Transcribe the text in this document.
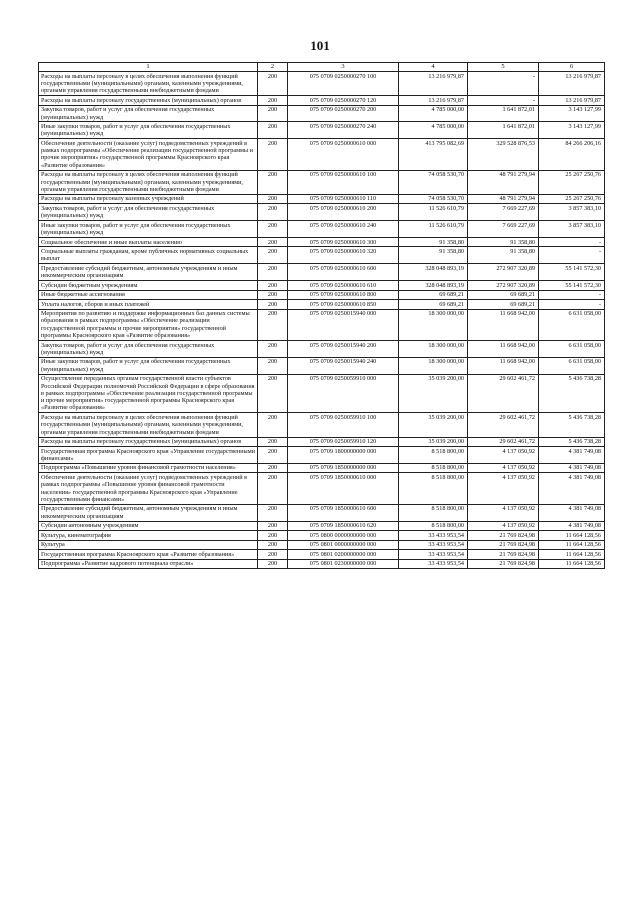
101
1	2	3	4	5	6
Расходы на выплаты персоналу в целях обеспечения выполнения функций государственными (муниципальными) органами, казенными учреждениями, органами управления государственными внебюджетными фондами	200	075 0709 0250000270 100	13 216 979,87	-	13 216 979,87
Расходы на выплаты персоналу государственных (муниципальных) органов	200	075 0709 0250000270 120	13 216 979,87	-	13 216 979,87
Закупка товаров, работ и услуг для обеспечения государственных (муниципальных) нужд	200	075 0709 0250000270 200	4 785 000,00	1 641 872,01	3 143 127,99
Иные закупки товаров, работ и услуг для обеспечения государственных (муниципальных) нужд	200	075 0709 0250000270 240	4 785 000,00	1 641 872,01	3 143 127,99
Обеспечение деятельности (оказание услуг) подведомственных учреждений в рамках подпрограммы «Обеспечение реализации государственной программы и прочие мероприятия» государственной программы Красноярского края «Развитие образования»	200	075 0709 0250000610 000	413 795 082,69	329 528 876,53	84 266 206,16
Расходы на выплаты персоналу в целях обеспечения выполнения функций государственными (муниципальными) органами, казенными учреждениями, органами управления государственными внебюджетными фондами	200	075 0709 0250000610 100	74 058 530,70	48 791 279,94	25 267 250,76
Расходы на выплаты персоналу казенных учреждений	200	075 0709 0250000610 110	74 058 530,70	48 791 279,94	25 267 250,76
Закупка товаров, работ и услуг для обеспечения государственных (муниципальных) нужд	200	075 0709 0250000610 200	11 526 610,79	7 669 227,69	3 857 383,10
Иные закупки товаров, работ и услуг для обеспечения государственных (муниципальных) нужд	200	075 0709 0250000610 240	11 526 610,79	7 669 227,69	3 857 383,10
Социальное обеспечение и иные выплаты населению	200	075 0709 0250000610 300	91 358,80	91 358,80	-
Социальные выплаты гражданам, кроме публичных нормативных социальных выплат	200	075 0709 0250000610 320	91 358,80	91 358,80	-
Предоставление субсидий бюджетным, автономным учреждениям и иным некоммерческим организациям	200	075 0709 0250000610 600	328 048 893,19	272 907 320,89	55 141 572,30
Субсидии бюджетным учреждениям	200	075 0709 0250000610 610	328 048 893,19	272 907 320,89	55 141 572,30
Иные бюджетные ассигнования	200	075 0709 0250000610 800	69 689,21	69 689,21	-
Уплата налогов, сборов и иных платежей	200	075 0709 0250000610 850	69 689,21	69 689,21	-
Мероприятия по развитию и поддержке информационных баз данных системы образования в рамках подпрограммы «Обеспечение реализации государственной программы и прочие мероприятия» государственной программы Красноярского края «Развитие образования»	200	075 0709 0250015940 000	18 300 000,00	11 668 942,00	6 631 058,00
Закупка товаров, работ и услуг для обеспечения государственных (муниципальных) нужд	200	075 0709 0250015940 200	18 300 000,00	11 668 942,00	6 631 058,00
Иные закупки товаров, работ и услуг для обеспечения государственных (муниципальных) нужд	200	075 0709 0250015940 240	18 300 000,00	11 668 942,00	6 631 058,00
Осуществление переданных органам государственной власти субъектов Российской Федерации полномочий Российской Федерации в сфере образования в рамках подпрограммы «Обеспечение реализации государственной программы и прочие мероприятия» государственной программы Красноярского края «Развитие образования»	200	075 0709 0250059910 000	35 039 200,00	29 602 461,72	5 436 738,28
Расходы на выплаты персоналу в целях обеспечения выполнения функций государственными (муниципальными) органами, казенными учреждениями, органами управления государственными внебюджетными фондами	200	075 0709 0250059910 100	35 039 200,00	29 602 461,72	5 436 738,28
Расходы на выплаты персоналу государственных (муниципальных) органов	200	075 0709 0250059910 120	35 039 200,00	29 602 461,72	5 436 738,28
Государственная программа Красноярского края «Управление государственными финансами»	200	075 0709 1800000000 000	8 518 800,00	4 137 050,92	4 381 749,08
Подпрограмма «Повышение уровня финансовой грамотности населения»	200	075 0709 1850000000 000	8 518 800,00	4 137 050,92	4 381 749,08
Обеспечение деятельности (оказание услуг) подведомственных учреждений в рамках подпрограммы «Повышение уровня финансовой грамотности населения» государственной программы Красноярского края «Управление государственными финансами»	200	075 0709 1850000610 000	8 518 800,00	4 137 050,92	4 381 749,08
Предоставление субсидий бюджетным, автономным учреждениям и иным некоммерческим организациям	200	075 0709 1850000610 600	8 518 800,00	4 137 050,92	4 381 749,08
Субсидии автономным учреждениям	200	075 0709 1850000610 620	8 518 800,00	4 137 050,92	4 381 749,08
Культура, кинематография	200	075 0800 0000000000 000	33 433 953,54	21 769 824,98	11 664 128,56
Культура	200	075 0801 0000000000 000	33 433 953,54	21 769 824,98	11 664 128,56
Государственная программа Красноярского края «Развитие образования»	200	075 0801 0200000000 000	33 433 953,54	21 769 824,98	11 664 128,56
Подпрограмма «Развитие кадрового потенциала отрасли»	200	075 0801 0230000000 000	33 433 953,54	21 769 824,98	11 664 128,56
